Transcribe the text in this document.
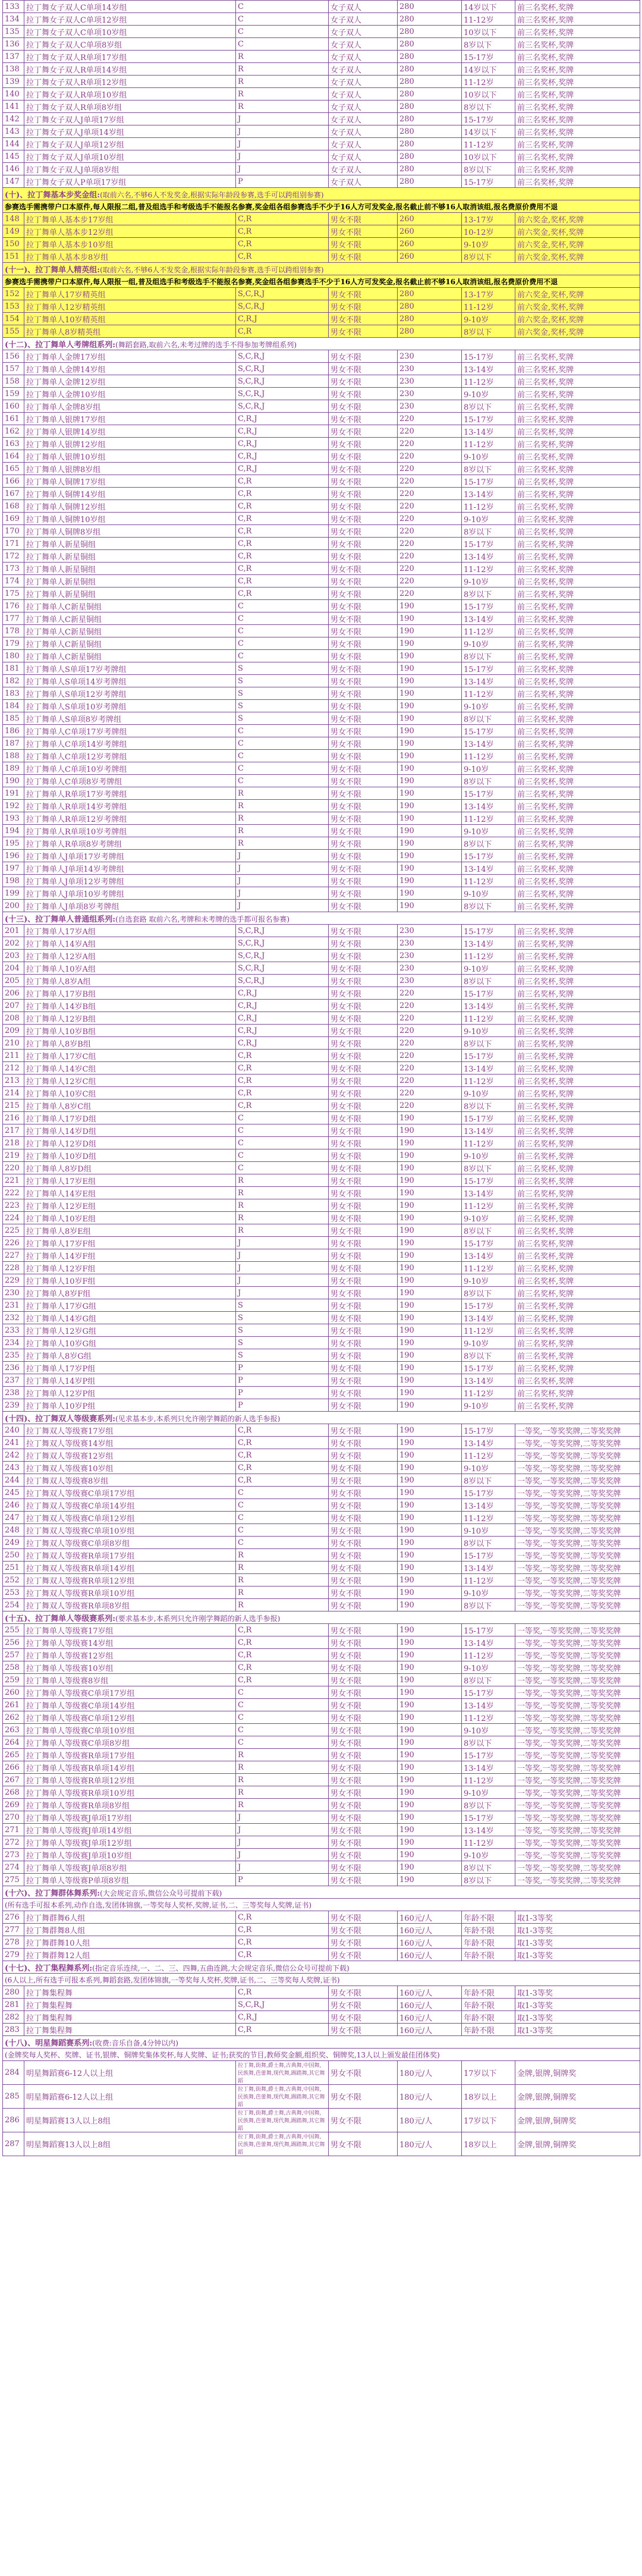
133	拉丁舞女子双人C单项14岁组	C	女子双人	280	14岁以下	前三名奖杯,奖牌
134	拉丁舞女子双人C单项12岁组	C	女子双人	280	11-12岁	前三名奖杯,奖牌
135	拉丁舞女子双人C单项10岁组	C	女子双人	280	10岁以下	前三名奖杯,奖牌
136	拉丁舞女子双人C单项8岁组	C	女子双人	280	8岁以下	前三名奖杯,奖牌
137	拉丁舞女子双人R单项17岁组	R	女子双人	280	15-17岁	前三名奖杯,奖牌
138	拉丁舞女子双人R单项14岁组	R	女子双人	280	14岁以下	前三名奖杯,奖牌
139	拉丁舞女子双人R单项12岁组	R	女子双人	280	11-12岁	前三名奖杯,奖牌
140	拉丁舞女子双人R单项10岁组	R	女子双人	280	10岁以下	前三名奖杯,奖牌
141	拉丁舞女子双人R单项8岁组	R	女子双人	280	8岁以下	前三名奖杯,奖牌
142	拉丁舞女子双人J单项17岁组	J	女子双人	280	15-17岁	前三名奖杯,奖牌
143	拉丁舞女子双人J单项14岁组	J	女子双人	280	14岁以下	前三名奖杯,奖牌
144	拉丁舞女子双人J单项12岁组	J	女子双人	280	11-12岁	前三名奖杯,奖牌
145	拉丁舞女子双人J单项10岁组	J	女子双人	280	10岁以下	前三名奖杯,奖牌
146	拉丁舞女子双人J单项8岁组	J	女子双人	280	8岁以下	前三名奖杯,奖牌
147	拉丁舞女子双人P单项17岁组	P	女子双人	280	15-17岁	前三名奖杯,奖牌
(十)、拉丁舞基本步奖金组:(取前六名,不够6人不发奖金,根据实际年龄段参赛,选手可以跨组别参赛)						
参赛选手需携带户口本原件,每人限报二组,普及组选手和考级选手不能报名参赛,奖金组各组参赛选手不少于16人方可发奖金,报名截止前不够16人取消该组,报名费原价费用不退						
148	拉丁舞单人基本步17岁组	C,R	男女不限	260	13-17岁	前六奖金,奖杯,奖牌
149	拉丁舞单人基本步12岁组	C,R	男女不限	260	10-12岁	前六奖金,奖杯,奖牌
150	拉丁舞单人基本步10岁组	C,R	男女不限	260	9-10岁	前六奖金,奖杯,奖牌
151	拉丁舞单人基本步8岁组	C,R	男女不限	260	8岁以下	前六奖金,奖杯,奖牌
(十一)、拉丁舞单人精英组:(取前六名,不够6人不发奖金,根据实际年龄段参赛,选手可以跨组别参赛)						
参赛选手需携带户口本原件,每人限报一组,普及组选手和考级选手不能报名参赛,奖金组各组参赛选手不少于16人方可发奖金,报名截止前不够16人取消该组,报名费原价费用不退						
152	拉丁舞单人17岁精英组	S,C,R,J	男女不限	280	13-17岁	前六奖金,奖杯,奖牌
153	拉丁舞单人12岁精英组	S,C,R,J	男女不限	280	11-12岁	前六奖金,奖杯,奖牌
154	拉丁舞单人10岁精英组	C,R,J	男女不限	280	9-10岁	前六奖金,奖杯,奖牌
155	拉丁舞单人8岁精英组	C,R	男女不限	280	8岁以下	前六奖金,奖杯,奖牌
(十二)、拉丁舞单人考牌组系列:(舞蹈套路,取前六名,未考过牌的选手不得参加考牌组系列)						
156	拉丁舞单人金牌17岁组	S,C,R,J	男女不限	230	15-17岁	前三名奖杯,奖牌
157	拉丁舞单人金牌14岁组	S,C,R,J	男女不限	230	13-14岁	前三名奖杯,奖牌
158	拉丁舞单人金牌12岁组	S,C,R,J	男女不限	230	11-12岁	前三名奖杯,奖牌
159	拉丁舞单人金牌10岁组	S,C,R,J	男女不限	230	9-10岁	前三名奖杯,奖牌
160	拉丁舞单人金牌8岁组	S,C,R,J	男女不限	230	8岁以下	前三名奖杯,奖牌
161	拉丁舞单人银牌17岁组	C,R,J	男女不限	220	15-17岁	前三名奖杯,奖牌
162	拉丁舞单人银牌14岁组	C,R,J	男女不限	220	13-14岁	前三名奖杯,奖牌
163	拉丁舞单人银牌12岁组	C,R,J	男女不限	220	11-12岁	前三名奖杯,奖牌
164	拉丁舞单人银牌10岁组	C,R,J	男女不限	220	9-10岁	前三名奖杯,奖牌
165	拉丁舞单人银牌8岁组	C,R,J	男女不限	220	8岁以下	前三名奖杯,奖牌
166	拉丁舞单人铜牌17岁组	C,R	男女不限	220	15-17岁	前三名奖杯,奖牌
167	拉丁舞单人铜牌14岁组	C,R	男女不限	220	13-14岁	前三名奖杯,奖牌
168	拉丁舞单人铜牌12岁组	C,R	男女不限	220	11-12岁	前三名奖杯,奖牌
169	拉丁舞单人铜牌10岁组	C,R	男女不限	220	9-10岁	前三名奖杯,奖牌
170	拉丁舞单人铜牌8岁组	C,R	男女不限	220	8岁以下	前三名奖杯,奖牌
171	拉丁舞单人新星铜组	C,R	男女不限	220	15-17岁	前三名奖杯,奖牌
172	拉丁舞单人新星铜组	C,R	男女不限	220	13-14岁	前三名奖杯,奖牌
173	拉丁舞单人新星铜组	C,R	男女不限	220	11-12岁	前三名奖杯,奖牌
174	拉丁舞单人新星铜组	C,R	男女不限	220	9-10岁	前三名奖杯,奖牌
175	拉丁舞单人新星铜组	C,R	男女不限	220	8岁以下	前三名奖杯,奖牌
176	拉丁舞单人C新星铜组	C	男女不限	190	15-17岁	前三名奖杯,奖牌
177	拉丁舞单人C新星铜组	C	男女不限	190	13-14岁	前三名奖杯,奖牌
178	拉丁舞单人C新星铜组	C	男女不限	190	11-12岁	前三名奖杯,奖牌
179	拉丁舞单人C新星铜组	C	男女不限	190	9-10岁	前三名奖杯,奖牌
180	拉丁舞单人C新星铜组	C	男女不限	190	8岁以下	前三名奖杯,奖牌
181	拉丁舞单人S单项17岁考牌组	S	男女不限	190	15-17岁	前三名奖杯,奖牌
182	拉丁舞单人S单项14岁考牌组	S	男女不限	190	13-14岁	前三名奖杯,奖牌
183	拉丁舞单人S单项12岁考牌组	S	男女不限	190	11-12岁	前三名奖杯,奖牌
184	拉丁舞单人S单项10岁考牌组	S	男女不限	190	9-10岁	前三名奖杯,奖牌
185	拉丁舞单人S单项8岁考牌组	S	男女不限	190	8岁以下	前三名奖杯,奖牌
186	拉丁舞单人C单项17岁考牌组	C	男女不限	190	15-17岁	前三名奖杯,奖牌
187	拉丁舞单人C单项14岁考牌组	C	男女不限	190	13-14岁	前三名奖杯,奖牌
188	拉丁舞单人C单项12岁考牌组	C	男女不限	190	11-12岁	前三名奖杯,奖牌
189	拉丁舞单人C单项10岁考牌组	C	男女不限	190	9-10岁	前三名奖杯,奖牌
190	拉丁舞单人C单项8岁考牌组	C	男女不限	190	8岁以下	前三名奖杯,奖牌
191	拉丁舞单人R单项17岁考牌组	R	男女不限	190	15-17岁	前三名奖杯,奖牌
192	拉丁舞单人R单项14岁考牌组	R	男女不限	190	13-14岁	前三名奖杯,奖牌
193	拉丁舞单人R单项12岁考牌组	R	男女不限	190	11-12岁	前三名奖杯,奖牌
194	拉丁舞单人R单项10岁考牌组	R	男女不限	190	9-10岁	前三名奖杯,奖牌
195	拉丁舞单人R单项8岁考牌组	R	男女不限	190	8岁以下	前三名奖杯,奖牌
196	拉丁舞单人J单项17岁考牌组	J	男女不限	190	15-17岁	前三名奖杯,奖牌
197	拉丁舞单人J单项14岁考牌组	J	男女不限	190	13-14岁	前三名奖杯,奖牌
198	拉丁舞单人J单项12岁考牌组	J	男女不限	190	11-12岁	前三名奖杯,奖牌
199	拉丁舞单人J单项10岁考牌组	J	男女不限	190	9-10岁	前三名奖杯,奖牌
200	拉丁舞单人J单项8岁考牌组	J	男女不限	190	8岁以下	前三名奖杯,奖牌
(十三)、拉丁舞单人普通组系列:(自选套路 取前六名,考牌和未考牌的选手都可报名参赛)						
201	拉丁舞单人17岁A组	S,C,R,J	男女不限	230	15-17岁	前三名奖杯,奖牌
202	拉丁舞单人14岁A组	S,C,R,J	男女不限	230	13-14岁	前三名奖杯,奖牌
203	拉丁舞单人12岁A组	S,C,R,J	男女不限	230	11-12岁	前三名奖杯,奖牌
204	拉丁舞单人10岁A组	S,C,R,J	男女不限	230	9-10岁	前三名奖杯,奖牌
205	拉丁舞单人8岁A组	S,C,R,J	男女不限	230	8岁以下	前三名奖杯,奖牌
206	拉丁舞单人17岁B组	C,R,J	男女不限	220	15-17岁	前三名奖杯,奖牌
207	拉丁舞单人14岁B组	C,R,J	男女不限	220	13-14岁	前三名奖杯,奖牌
208	拉丁舞单人12岁B组	C,R,J	男女不限	220	11-12岁	前三名奖杯,奖牌
209	拉丁舞单人10岁B组	C,R,J	男女不限	220	9-10岁	前三名奖杯,奖牌
210	拉丁舞单人8岁B组	C,R,J	男女不限	220	8岁以下	前三名奖杯,奖牌
211	拉丁舞单人17岁C组	C,R	男女不限	220	15-17岁	前三名奖杯,奖牌
212	拉丁舞单人14岁C组	C,R	男女不限	220	13-14岁	前三名奖杯,奖牌
213	拉丁舞单人12岁C组	C,R	男女不限	220	11-12岁	前三名奖杯,奖牌
214	拉丁舞单人10岁C组	C,R	男女不限	220	9-10岁	前三名奖杯,奖牌
215	拉丁舞单人8岁C组	C,R	男女不限	220	8岁以下	前三名奖杯,奖牌
216	拉丁舞单人17岁D组	C	男女不限	190	15-17岁	前三名奖杯,奖牌
217	拉丁舞单人14岁D组	C	男女不限	190	13-14岁	前三名奖杯,奖牌
218	拉丁舞单人12岁D组	C	男女不限	190	11-12岁	前三名奖杯,奖牌
219	拉丁舞单人10岁D组	C	男女不限	190	9-10岁	前三名奖杯,奖牌
220	拉丁舞单人8岁D组	C	男女不限	190	8岁以下	前三名奖杯,奖牌
221	拉丁舞单人17岁E组	R	男女不限	190	15-17岁	前三名奖杯,奖牌
222	拉丁舞单人14岁E组	R	男女不限	190	13-14岁	前三名奖杯,奖牌
223	拉丁舞单人12岁E组	R	男女不限	190	11-12岁	前三名奖杯,奖牌
224	拉丁舞单人10岁E组	R	男女不限	190	9-10岁	前三名奖杯,奖牌
225	拉丁舞单人8岁E组	R	男女不限	190	8岁以下	前三名奖杯,奖牌
226	拉丁舞单人17岁F组	J	男女不限	190	15-17岁	前三名奖杯,奖牌
227	拉丁舞单人14岁F组	J	男女不限	190	13-14岁	前三名奖杯,奖牌
228	拉丁舞单人12岁F组	J	男女不限	190	11-12岁	前三名奖杯,奖牌
229	拉丁舞单人10岁F组	J	男女不限	190	9-10岁	前三名奖杯,奖牌
230	拉丁舞单人8岁F组	J	男女不限	190	8岁以下	前三名奖杯,奖牌
231	拉丁舞单人17岁G组	S	男女不限	190	15-17岁	前三名奖杯,奖牌
232	拉丁舞单人14岁G组	S	男女不限	190	13-14岁	前三名奖杯,奖牌
233	拉丁舞单人12岁G组	S	男女不限	190	11-12岁	前三名奖杯,奖牌
234	拉丁舞单人10岁G组	S	男女不限	190	9-10岁	前三名奖杯,奖牌
235	拉丁舞单人8岁G组	S	男女不限	190	8岁以下	前三名奖杯,奖牌
236	拉丁舞单人17岁P组	P	男女不限	190	15-17岁	前三名奖杯,奖牌
237	拉丁舞单人14岁P组	P	男女不限	190	13-14岁	前三名奖杯,奖牌
238	拉丁舞单人12岁P组	P	男女不限	190	11-12岁	前三名奖杯,奖牌
239	拉丁舞单人10岁P组	P	男女不限	190	9-10岁	前三名奖杯,奖牌
(十四)、拉丁舞双人等级赛系列:(见求基本步,本系列只允许刚学舞蹈的新人选手参报)						
240	拉丁舞双人等级赛17岁组	C,R	男女不限	190	15-17岁	一等奖,一等奖奖牌,二等奖奖牌
241	拉丁舞双人等级赛14岁组	C,R	男女不限	190	13-14岁	一等奖,一等奖奖牌,二等奖奖牌
242	拉丁舞双人等级赛12岁组	C,R	男女不限	190	11-12岁	一等奖,一等奖奖牌,二等奖奖牌
243	拉丁舞双人等级赛10岁组	C,R	男女不限	190	9-10岁	一等奖,一等奖奖牌,二等奖奖牌
244	拉丁舞双人等级赛8岁组	C,R	男女不限	190	8岁以下	一等奖,一等奖奖牌,二等奖奖牌
245	拉丁舞双人等级赛C单项17岁组	C	男女不限	190	15-17岁	一等奖,一等奖奖牌,二等奖奖牌
246	拉丁舞双人等级赛C单项14岁组	C	男女不限	190	13-14岁	一等奖,一等奖奖牌,二等奖奖牌
247	拉丁舞双人等级赛C单项12岁组	C	男女不限	190	11-12岁	一等奖,一等奖奖牌,二等奖奖牌
248	拉丁舞双人等级赛C单项10岁组	C	男女不限	190	9-10岁	一等奖,一等奖奖牌,二等奖奖牌
249	拉丁舞双人等级赛C单项8岁组	C	男女不限	190	8岁以下	一等奖,一等奖奖牌,二等奖奖牌
250	拉丁舞双人等级赛R单项17岁组	R	男女不限	190	15-17岁	一等奖,一等奖奖牌,二等奖奖牌
251	拉丁舞双人等级赛R单项14岁组	R	男女不限	190	13-14岁	一等奖,一等奖奖牌,二等奖奖牌
252	拉丁舞双人等级赛R单项12岁组	R	男女不限	190	11-12岁	一等奖,一等奖奖牌,二等奖奖牌
253	拉丁舞双人等级赛R单项10岁组	R	男女不限	190	9-10岁	一等奖,一等奖奖牌,二等奖奖牌
254	拉丁舞双人等级赛R单项8岁组	R	男女不限	190	8岁以下	一等奖,一等奖奖牌,二等奖奖牌
(十五)、拉丁舞单人等级赛系列:(要求基本步,本系列只允许刚学舞蹈的新人选手参报)						
255	拉丁舞单人等级赛17岁组	C,R	男女不限	190	15-17岁	一等奖,一等奖奖牌,二等奖奖牌
256	拉丁舞单人等级赛14岁组	C,R	男女不限	190	13-14岁	一等奖,一等奖奖牌,二等奖奖牌
257	拉丁舞单人等级赛12岁组	C,R	男女不限	190	11-12岁	一等奖,一等奖奖牌,二等奖奖牌
258	拉丁舞单人等级赛10岁组	C,R	男女不限	190	9-10岁	一等奖,一等奖奖牌,二等奖奖牌
259	拉丁舞单人等级赛8岁组	C,R	男女不限	190	8岁以下	一等奖,一等奖奖牌,二等奖奖牌
260	拉丁舞单人等级赛C单项17岁组	C	男女不限	190	15-17岁	一等奖,一等奖奖牌,二等奖奖牌
261	拉丁舞单人等级赛C单项14岁组	C	男女不限	190	13-14岁	一等奖,一等奖奖牌,二等奖奖牌
262	拉丁舞单人等级赛C单项12岁组	C	男女不限	190	11-12岁	一等奖,一等奖奖牌,二等奖奖牌
263	拉丁舞单人等级赛C单项10岁组	C	男女不限	190	9-10岁	一等奖,一等奖奖牌,二等奖奖牌
264	拉丁舞单人等级赛C单项8岁组	C	男女不限	190	8岁以下	一等奖,一等奖奖牌,二等奖奖牌
265	拉丁舞单人等级赛R单项17岁组	R	男女不限	190	15-17岁	一等奖,一等奖奖牌,二等奖奖牌
266	拉丁舞单人等级赛R单项14岁组	R	男女不限	190	13-14岁	一等奖,一等奖奖牌,二等奖奖牌
267	拉丁舞单人等级赛R单项12岁组	R	男女不限	190	11-12岁	一等奖,一等奖奖牌,二等奖奖牌
268	拉丁舞单人等级赛R单项10岁组	R	男女不限	190	9-10岁	一等奖,一等奖奖牌,二等奖奖牌
269	拉丁舞单人等级赛R单项8岁组	R	男女不限	190	8岁以下	一等奖,一等奖奖牌,二等奖奖牌
270	拉丁舞单人等级赛J单项17岁组	J	男女不限	190	15-17岁	一等奖,一等奖奖牌,二等奖奖牌
271	拉丁舞单人等级赛J单项14岁组	J	男女不限	190	13-14岁	一等奖,一等奖奖牌,二等奖奖牌
272	拉丁舞单人等级赛J单项12岁组	J	男女不限	190	11-12岁	一等奖,一等奖奖牌,二等奖奖牌
273	拉丁舞单人等级赛J单项10岁组	J	男女不限	190	9-10岁	一等奖,一等奖奖牌,二等奖奖牌
274	拉丁舞单人等级赛J单项8岁组	J	男女不限	190	8岁以下	一等奖,一等奖奖牌,二等奖奖牌
275	拉丁舞单人等级赛P单项8岁组	P	男女不限	190	8岁以下	一等奖,一等奖奖牌,二等奖奖牌
(十六)、拉丁舞群体舞系列:(大会规定音乐,微信公众号可提前下载)						
(所有选手可报本系列,动作自选,发团体锦旗,一等奖每人奖杯,奖牌,证书,二、三等奖每人奖牌,证书)						
276	拉丁舞群舞6人组	C,R	男女不限	160元/人	年龄不限	取1-3等奖
277	拉丁舞群舞8人组	C,R	男女不限	160元/人	年龄不限	取1-3等奖
278	拉丁舞群舞10人组	C,R	男女不限	160元/人	年龄不限	取1-3等奖
279	拉丁舞群舞12人组	C,R	男女不限	160元/人	年龄不限	取1-3等奖
(十七)、拉丁集程舞系列:(指定音乐连续,一、二、三、四舞,五曲连跳,大会规定音乐,微信公众号可提前下载)						
(6人以上,所有选手可报本系列,舞蹈套路,发团体锦旗,一等奖每人奖杯,奖牌,证书,二、三等奖每人奖牌,证书)						
280	拉丁舞集程舞	C,R	男女不限	160元/人	年龄不限	取1-3等奖
281	拉丁舞集程舞	S,C,R,J	男女不限	160元/人	年龄不限	取1-3等奖
282	拉丁舞集程舞	C,R,J	男女不限	160元/人	年龄不限	取1-3等奖
283	拉丁舞集程舞	C,R	男女不限	160元/人	年龄不限	取1-3等奖
(十八)、明星舞蹈赛系列:(收费:音乐自备,4分钟以内)						
(金牌奖每人奖杯、奖牌、证书,银牌、铜牌奖集体奖杯,每人奖牌、证书;获奖的节目,教师奖金额,组织奖、铜牌奖,13人以上颁发最佳团体奖)						
284	明星舞蹈赛6-12人以上组	拉丁舞,街舞,爵士舞,古典舞,中国舞,民族舞,芭蕾舞,现代舞,踢踏舞,其它舞蹈	男女不限	180元/人	17岁以下	金牌,银牌,铜牌奖
285	明星舞蹈赛6-12人以上组	拉丁舞,街舞,爵士舞,古典舞,中国舞,民族舞,芭蕾舞,现代舞,踢踏舞,其它舞蹈	男女不限	180元/人	18岁以上	金牌,银牌,铜牌奖
286	明星舞蹈赛13人以上8组	拉丁舞,街舞,爵士舞,古典舞,中国舞,民族舞,芭蕾舞,现代舞,踢踏舞,其它舞蹈	男女不限	180元/人	17岁以下	金牌,银牌,铜牌奖
287	明星舞蹈赛13人以上8组	拉丁舞,街舞,爵士舞,古典舞,中国舞,民族舞,芭蕾舞,现代舞,踢踏舞,其它舞蹈	男女不限	180元/人	18岁以上	金牌,银牌,铜牌奖
